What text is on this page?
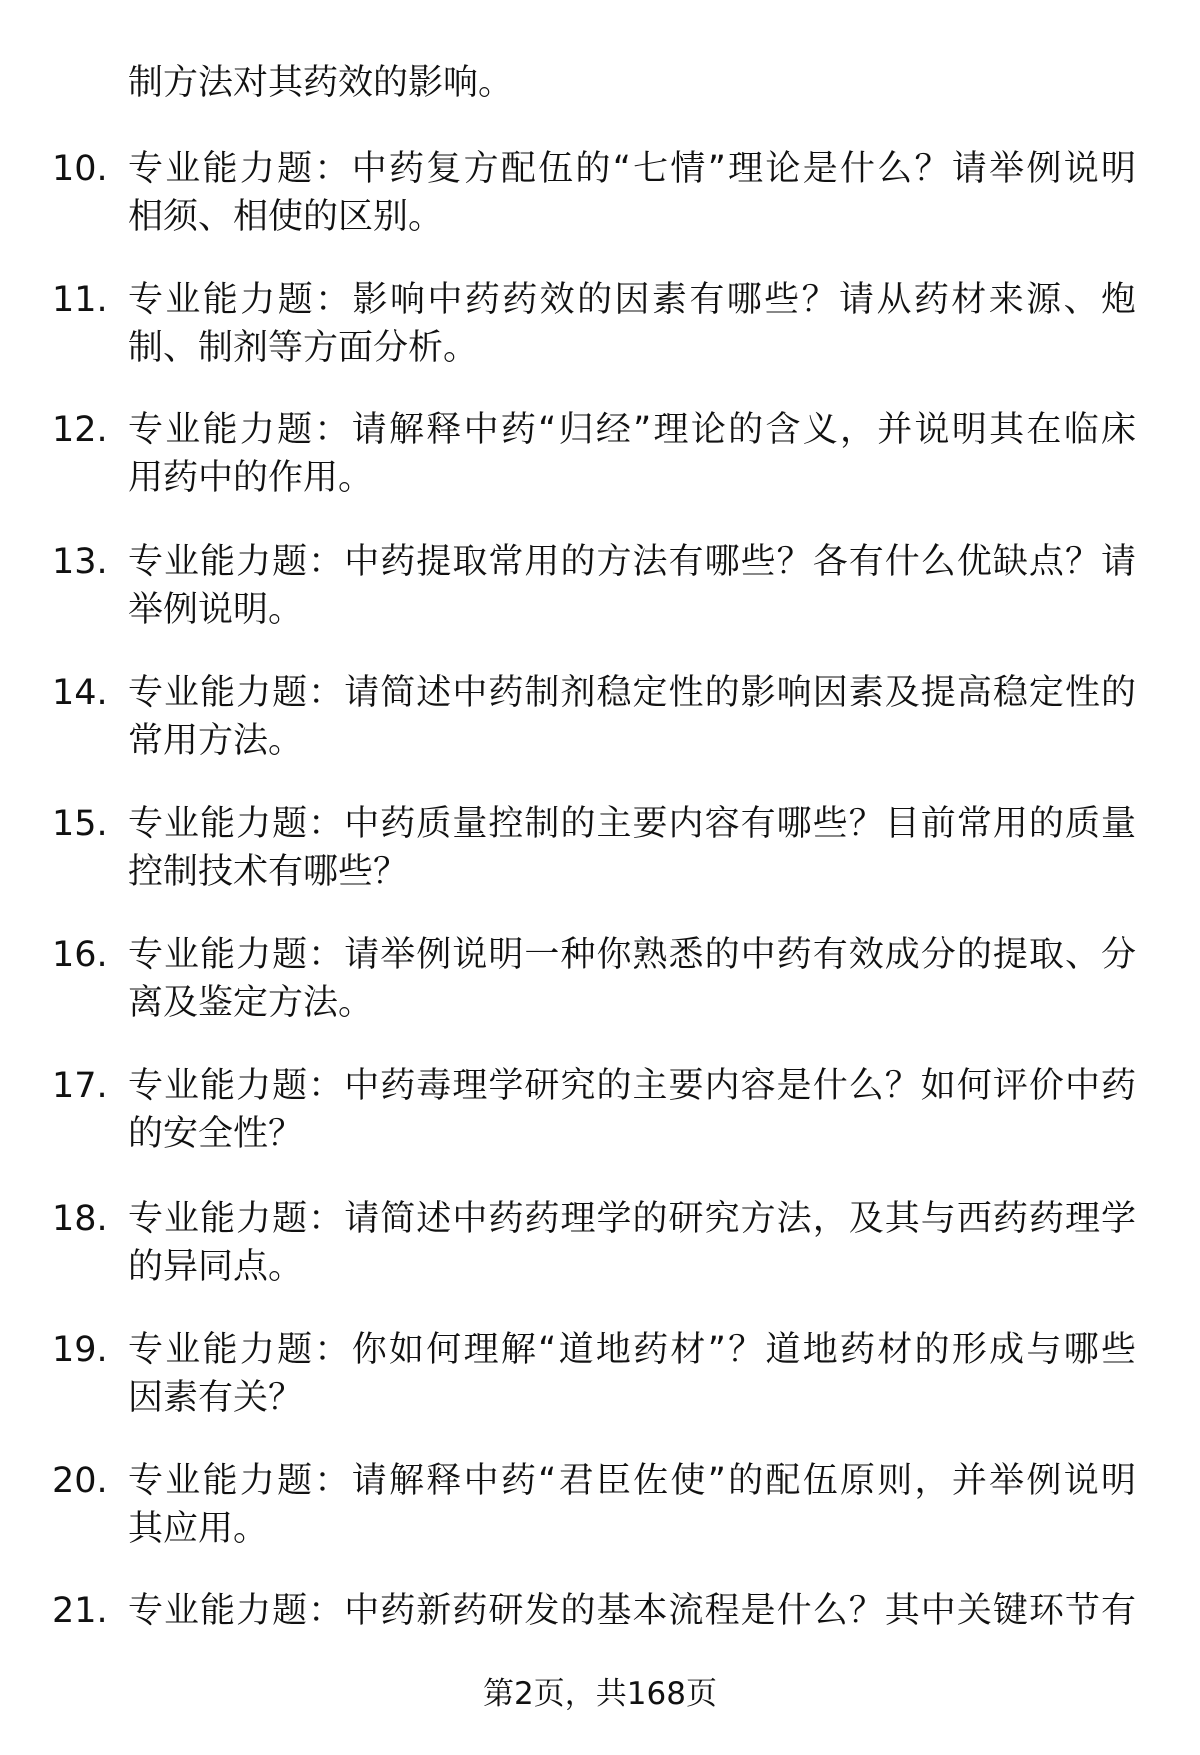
制方法对其药效的影响。
10. 专业能力题：中药复方配伍的“七情”理论是什么？请举例说明
相须、相使的区别。
11. 专业能力题：影响中药药效的因素有哪些？请从药材来源、炮
制、制剂等方面分析。
12. 专业能力题：请解释中药“归经”理论的含义，并说明其在临床
用药中的作用。
13. 专业能力题：中药提取常用的方法有哪些？各有什么优缺点？请
举例说明。
14. 专业能力题：请简述中药制剂稳定性的影响因素及提高稳定性的
常用方法。
15. 专业能力题：中药质量控制的主要内容有哪些？目前常用的质量
控制技术有哪些？
16. 专业能力题：请举例说明一种你熟悉的中药有效成分的提取、分
离及鉴定方法。
17. 专业能力题：中药毒理学研究的主要内容是什么？如何评价中药
的安全性？
18. 专业能力题：请简述中药药理学的研究方法，及其与西药药理学
的异同点。
19. 专业能力题：你如何理解“道地药材”？道地药材的形成与哪些
因素有关？
20. 专业能力题：请解释中药“君臣佐使”的配伍原则，并举例说明
其应用。
21. 专业能力题：中药新药研发的基本流程是什么？其中关键环节有
第2页，共168页
